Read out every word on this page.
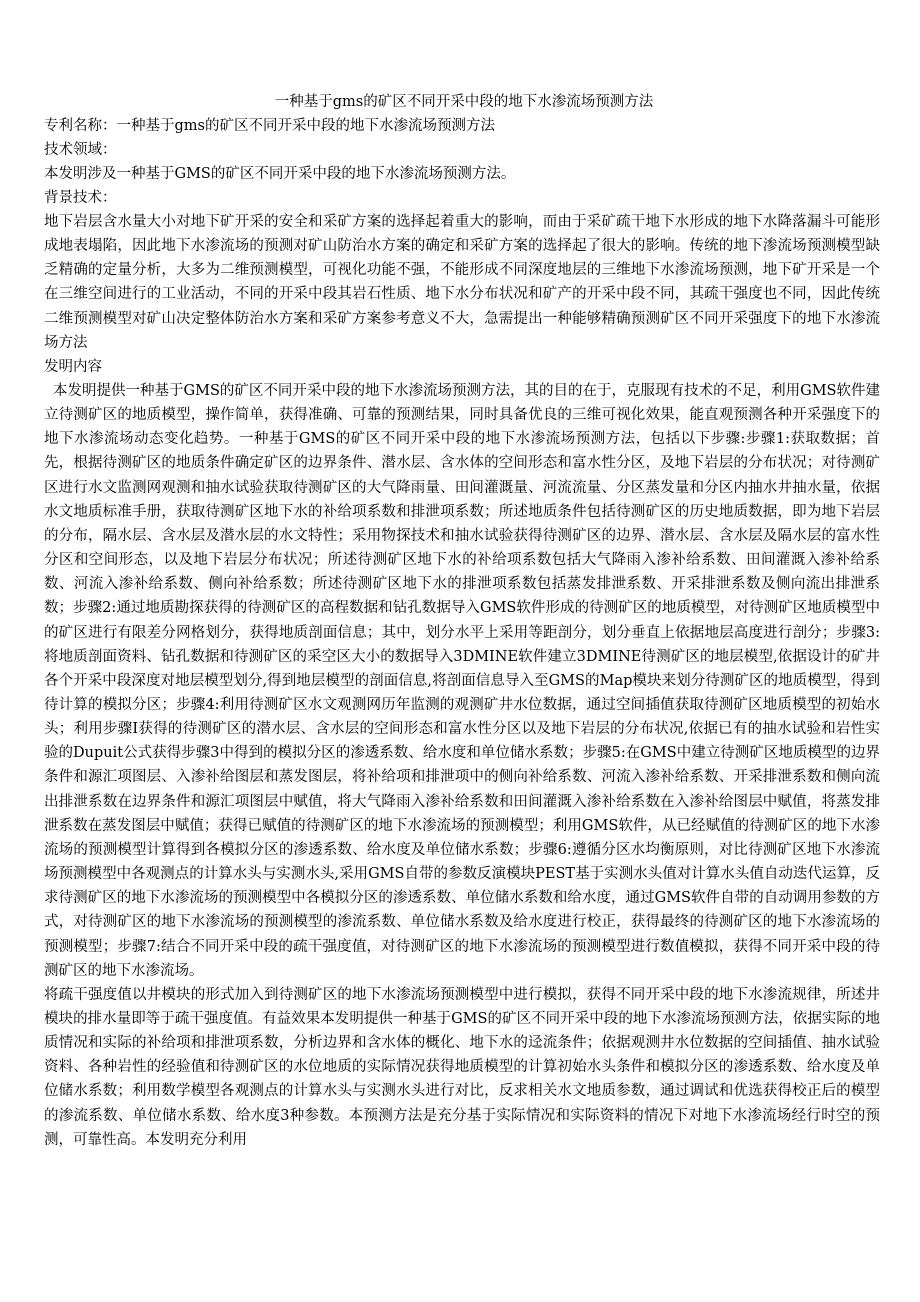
一种基于gms的矿区不同开采中段的地下水渗流场预测方法

专利名称：一种基于gms的矿区不同开采中段的地下水渗流场预测方法

技术领域：

本发明涉及一种基于GMS的矿区不同开采中段的地下水渗流场预测方法。

背景技术：

地下岩层含水量大小对地下矿开采的安全和采矿方案的选择起着重大的影响，而由于采矿疏干地下水形成的地下水降落漏斗可能形成地表塌陷，因此地下水渗流场的预测对矿山防治水方案的确定和采矿方案的选择起了很大的影响。传统的地下渗流场预测模型缺乏精确的定量分析，大多为二维预测模型，可视化功能不强，不能形成不同深度地层的三维地下水渗流场预测，地下矿开采是一个在三维空间进行的工业活动，不同的开采中段其岩石性质、地下水分布状况和矿产的开采中段不同，其疏干强度也不同，因此传统二维预测模型对矿山决定整体防治水方案和采矿方案参考意义不大，急需提出一种能够精确预测矿区不同开采强度下的地下水渗流场方法

发明内容

本发明提供一种基于GMS的矿区不同开采中段的地下水渗流场预测方法，其的目的在于，克服现有技术的不足，利用GMS软件建立待测矿区的地质模型，操作简单，获得准确、可靠的预测结果，同时具备优良的三维可视化效果，能直观预测各种开采强度下的地下水渗流场动态变化趋势。一种基于GMS的矿区不同开采中段的地下水渗流场预测方法，包括以下步骤:步骤1:获取数据；首先，根据待测矿区的地质条件确定矿区的边界条件、潜水层、含水体的空间形态和富水性分区，及地下岩层的分布状况；对待测矿区进行水文监测网观测和抽水试验获取待测矿区的大气降雨量、田间灌溉量、河流流量、分区蒸发量和分区内抽水井抽水量，依据水文地质标准手册，获取待测矿区地下水的补给项系数和排泄项系数；所述地质条件包括待测矿区的历史地质数据，即为地下岩层的分布，隔水层、含水层及潜水层的水文特性；采用物探技术和抽水试验获得待测矿区的边界、潜水层、含水层及隔水层的富水性分区和空间形态，以及地下岩层分布状况；所述待测矿区地下水的补给项系数包括大气降雨入渗补给系数、田间灌溉入渗补给系数、河流入渗补给系数、侧向补给系数；所述待测矿区地下水的排泄项系数包括蒸发排泄系数、开采排泄系数及侧向流出排泄系数；步骤2:通过地质勘探获得的待测矿区的高程数据和钻孔数据导入GMS软件形成的待测矿区的地质模型，对待测矿区地质模型中的矿区进行有限差分网格划分，获得地质剖面信息；其中，划分水平上采用等距剖分，划分垂直上依据地层高度进行剖分；步骤3:将地质剖面资料、钻孔数据和待测矿区的采空区大小的数据导入3DMINE软件建立3DMINE待测矿区的地层模型,依据设计的矿井各个开采中段深度对地层模型划分,得到地层模型的剖面信息,将剖面信息导入至GMS的Map模块来划分待测矿区的地质模型，得到待计算的模拟分区；步骤4:利用待测矿区水文观测网历年监测的观测矿井水位数据，通过空间插值获取待测矿区地质模型的初始水头；利用步骤I获得的待测矿区的潜水层、含水层的空间形态和富水性分区以及地下岩层的分布状况,依据已有的抽水试验和岩性实验的Dupuit公式获得步骤3中得到的模拟分区的渗透系数、给水度和单位储水系数；步骤5:在GMS中建立待测矿区地质模型的边界条件和源汇项图层、入渗补给图层和蒸发图层，将补给项和排泄项中的侧向补给系数、河流入渗补给系数、开采排泄系数和侧向流出排泄系数在边界条件和源汇项图层中赋值，将大气降雨入渗补给系数和田间灌溉入渗补给系数在入渗补给图层中赋值，将蒸发排泄系数在蒸发图层中赋值；获得已赋值的待测矿区的地下水渗流场的预测模型；利用GMS软件，从已经赋值的待测矿区的地下水渗流场的预测模型计算得到各模拟分区的渗透系数、给水度及单位储水系数；步骤6:遵循分区水均衡原则，对比待测矿区地下水渗流场预测模型中各观测点的计算水头与实测水头,采用GMS自带的参数反演模块PEST基于实测水头值对计算水头值自动迭代运算，反求待测矿区的地下水渗流场的预测模型中各模拟分区的渗透系数、单位储水系数和给水度，通过GMS软件自带的自动调用参数的方式，对待测矿区的地下水渗流场的预测模型的渗流系数、单位储水系数及给水度进行校正，获得最终的待测矿区的地下水渗流场的预测模型；步骤7:结合不同开采中段的疏干强度值，对待测矿区的地下水渗流场的预测模型进行数值模拟，获得不同开采中段的待测矿区的地下水渗流场。

将疏干强度值以井模块的形式加入到待测矿区的地下水渗流场预测模型中进行模拟，获得不同开采中段的地下水渗流规律，所述井模块的排水量即等于疏干强度值。有益效果本发明提供一种基于GMS的矿区不同开采中段的地下水渗流场预测方法，依据实际的地质情况和实际的补给项和排泄项系数，分析边界和含水体的概化、地下水的迳流条件；依据观测井水位数据的空间插值、抽水试验资料、各种岩性的经验值和待测矿区的水位地质的实际情况获得地质模型的计算初始水头条件和模拟分区的渗透系数、给水度及单位储水系数；利用数学模型各观测点的计算水头与实测水头进行对比，反求相关水文地质参数，通过调试和优选获得校正后的模型的渗流系数、单位储水系数、给水度3种参数。本预测方法是充分基于实际情况和实际资料的情况下对地下水渗流场经行时空的预测，可靠性高。本发明充分利用
